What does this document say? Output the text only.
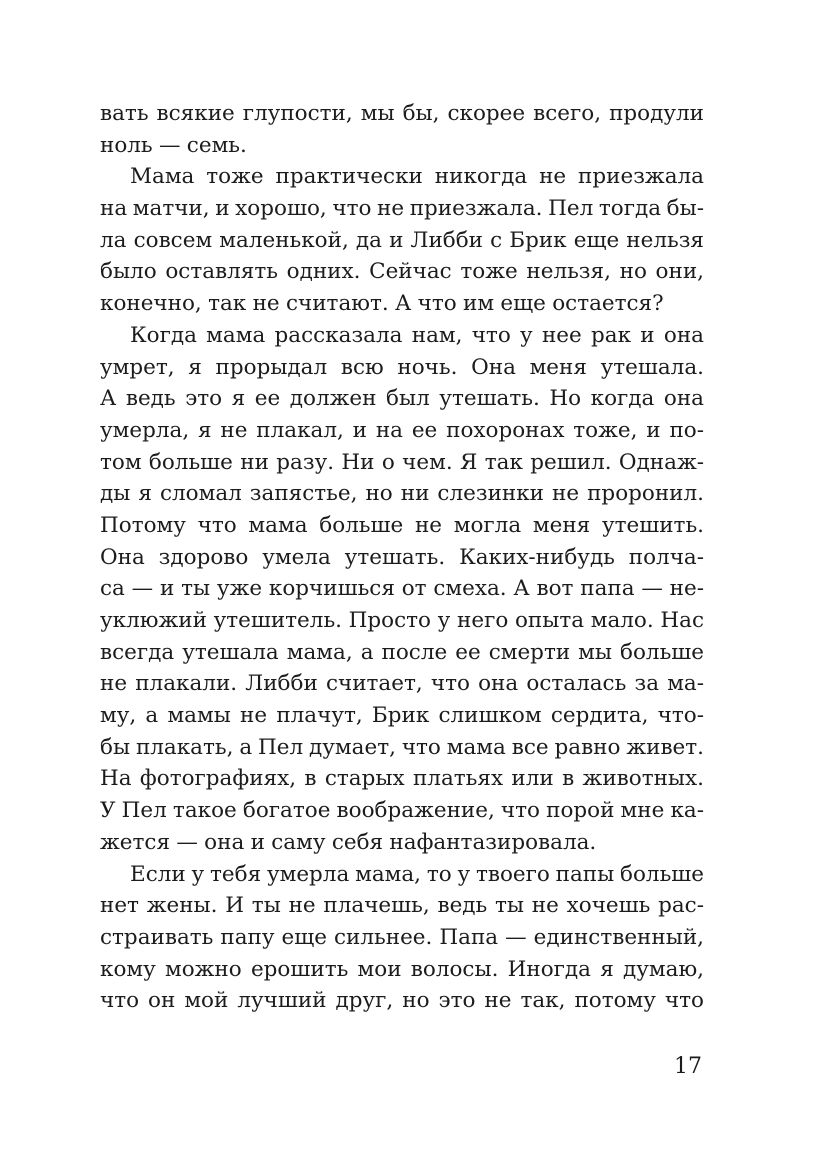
вать всякие глупости, мы бы, скорее всего, продули
ноль — семь.
Мама тоже практически никогда не приезжала
на матчи, и хорошо, что не приезжала. Пел тогда бы-
ла совсем маленькой, да и Либби с Брик еще нельзя
было оставлять одних. Сейчас тоже нельзя, но они,
конечно, так не считают. А что им еще остается?
Когда мама рассказала нам, что у нее рак и она
умрет, я прорыдал всю ночь. Она меня утешала.
А ведь это я ее должен был утешать. Но когда она
умерла, я не плакал, и на ее похоронах тоже, и по-
том больше ни разу. Ни о чем. Я так решил. Однаж-
ды я сломал запястье, но ни слезинки не проронил.
Потому что мама больше не могла меня утешить.
Она здорово умела утешать. Каких-нибудь полча-
са — и ты уже корчишься от смеха. А вот папа — не-
уклюжий утешитель. Просто у него опыта мало. Нас
всегда утешала мама, а после ее смерти мы больше
не плакали. Либби считает, что она осталась за ма-
му, а мамы не плачут, Брик слишком сердита, что-
бы плакать, а Пел думает, что мама все равно живет.
На фотографиях, в старых платьях или в животных.
У Пел такое богатое воображение, что порой мне ка-
жется — она и саму себя нафантазировала.
Если у тебя умерла мама, то у твоего папы больше
нет жены. И ты не плачешь, ведь ты не хочешь рас-
страивать папу еще сильнее. Папа — единственный,
кому можно ерошить мои волосы. Иногда я думаю,
что он мой лучший друг, но это не так, потому что
17
